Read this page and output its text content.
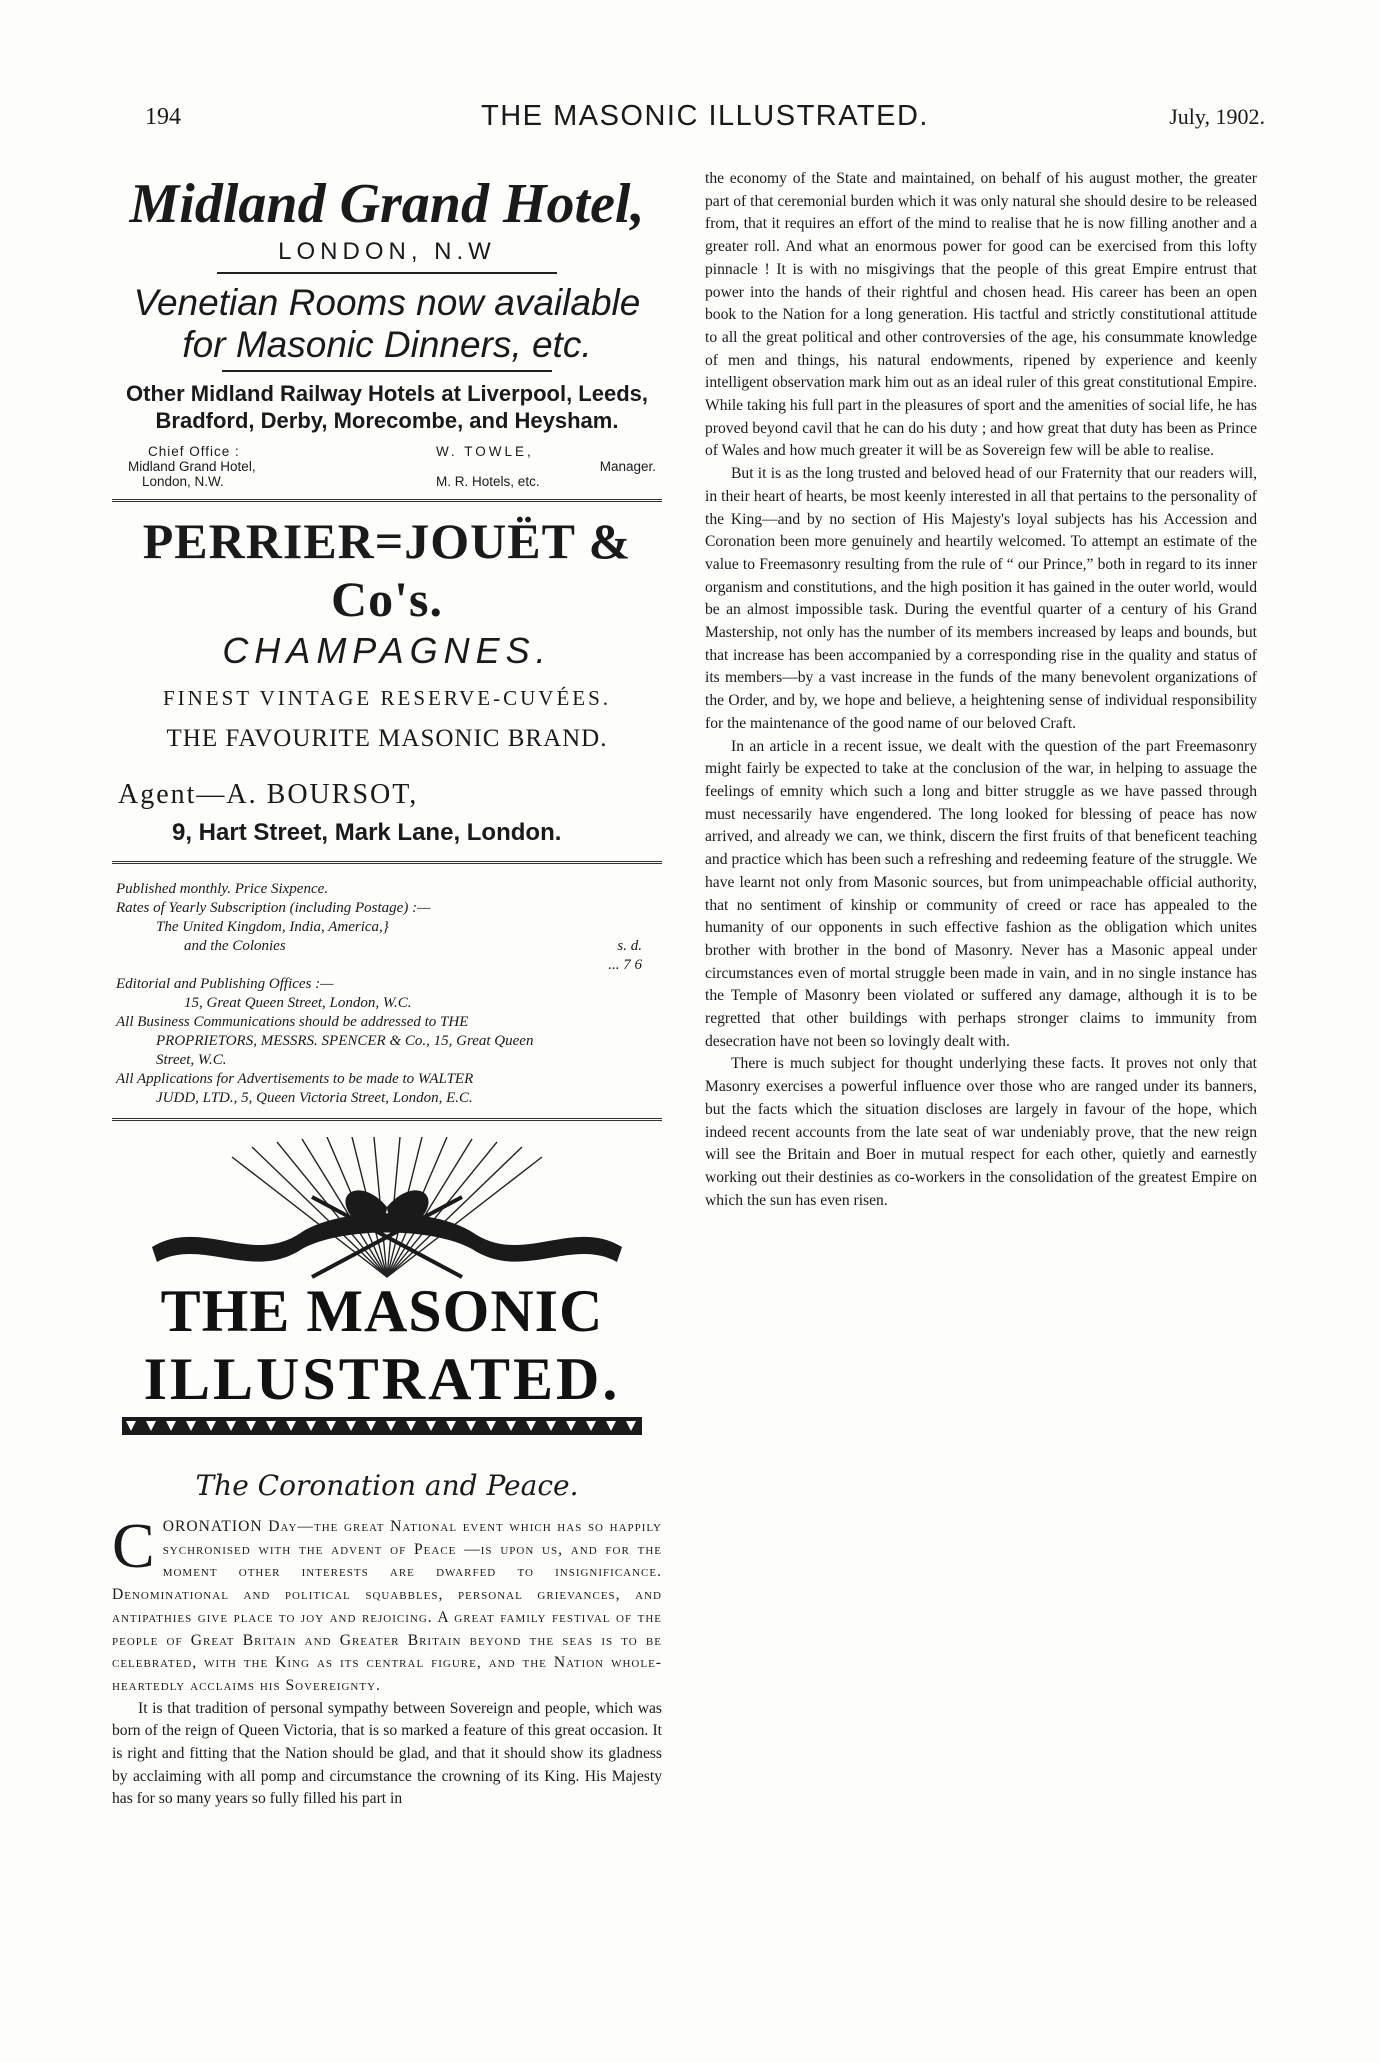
194	THE MASONIC ILLUSTRATED.	July, 1902.
Midland Grand Hotel,
LONDON, N.W
Venetian Rooms now available
for Masonic Dinners, etc.
Other Midland Railway Hotels at Liverpool, Leeds,
Bradford, Derby, Morecombe, and Heysham.
Chief Office :
Midland Grand Hotel,
London, N.W.
W. TOWLE,
Manager.
M. R. Hotels, etc.
PERRIER=JOUËT & Co's.
CHAMPAGNES.
FINEST VINTAGE RESERVE-CUVÉES.
THE FAVOURITE MASONIC BRAND.
Agent—A. BOURSOT,
9, Hart Street, Mark Lane, London.
Published monthly. Price Sixpence.
Rates of Yearly Subscription (including Postage) :—
The United Kingdom, India, America,}
and the Colonies	s. d.
... 7 6
Editorial and Publishing Offices :—
15, Great Queen Street, London, W.C.
All Business Communications should be addressed to THE
PROPRIETORS, MESSRS. SPENCER & Co., 15, Great Queen
Street, W.C.
All Applications for Advertisements to be made to WALTER
JUDD, LTD., 5, Queen Victoria Street, London, E.C.
THE MASONIC
ILLUSTRATED.
The Coronation and Peace.

CORONATION Day—the great National event which has so happily sychronised with the advent of Peace —is upon us, and for the moment other interests are dwarfed to insignificance. Denominational and political squabbles, personal grievances, and antipathies give place to joy and rejoicing. A great family festival of the people of Great Britain and Greater Britain beyond the seas is to be celebrated, with the King as its central figure, and the Nation whole-heartedly acclaims his Sovereignty.

It is that tradition of personal sympathy between Sovereign and people, which was born of the reign of Queen Victoria, that is so marked a feature of this great occasion. It is right and fitting that the Nation should be glad, and that it should show its gladness by acclaiming with all pomp and circumstance the crowning of its King. His Majesty has for so many years so fully filled his part in

the economy of the State and maintained, on behalf of his august mother, the greater part of that ceremonial burden which it was only natural she should desire to be released from, that it requires an effort of the mind to realise that he is now filling another and a greater roll. And what an enormous power for good can be exercised from this lofty pinnacle ! It is with no misgivings that the people of this great Empire entrust that power into the hands of their rightful and chosen head. His career has been an open book to the Nation for a long generation. His tactful and strictly constitutional attitude to all the great political and other controversies of the age, his consummate knowledge of men and things, his natural endowments, ripened by experience and keenly intelligent observation mark him out as an ideal ruler of this great constitutional Empire. While taking his full part in the pleasures of sport and the amenities of social life, he has proved beyond cavil that he can do his duty ; and how great that duty has been as Prince of Wales and how much greater it will be as Sovereign few will be able to realise.

But it is as the long trusted and beloved head of our Fraternity that our readers will, in their heart of hearts, be most keenly interested in all that pertains to the personality of the King—and by no section of His Majesty's loyal subjects has his Accession and Coronation been more genuinely and heartily welcomed. To attempt an estimate of the value to Freemasonry resulting from the rule of “ our Prince,” both in regard to its inner organism and constitutions, and the high position it has gained in the outer world, would be an almost impossible task. During the eventful quarter of a century of his Grand Mastership, not only has the number of its members increased by leaps and bounds, but that increase has been accompanied by a corresponding rise in the quality and status of its members—by a vast increase in the funds of the many benevolent organizations of the Order, and by, we hope and believe, a heightening sense of individual responsibility for the maintenance of the good name of our beloved Craft.

In an article in a recent issue, we dealt with the question of the part Freemasonry might fairly be expected to take at the conclusion of the war, in helping to assuage the feelings of emnity which such a long and bitter struggle as we have passed through must necessarily have engendered. The long looked for blessing of peace has now arrived, and already we can, we think, discern the first fruits of that beneficent teaching and practice which has been such a refreshing and redeeming feature of the struggle. We have learnt not only from Masonic sources, but from unimpeachable official authority, that no sentiment of kinship or community of creed or race has appealed to the humanity of our opponents in such effective fashion as the obligation which unites brother with brother in the bond of Masonry. Never has a Masonic appeal under circumstances even of mortal struggle been made in vain, and in no single instance has the Temple of Masonry been violated or suffered any damage, although it is to be regretted that other buildings with perhaps stronger claims to immunity from desecration have not been so lovingly dealt with.

There is much subject for thought underlying these facts. It proves not only that Masonry exercises a powerful influence over those who are ranged under its banners, but the facts which the situation discloses are largely in favour of the hope, which indeed recent accounts from the late seat of war undeniably prove, that the new reign will see the Britain and Boer in mutual respect for each other, quietly and earnestly working out their destinies as co-workers in the consolidation of the greatest Empire on which the sun has even risen.
